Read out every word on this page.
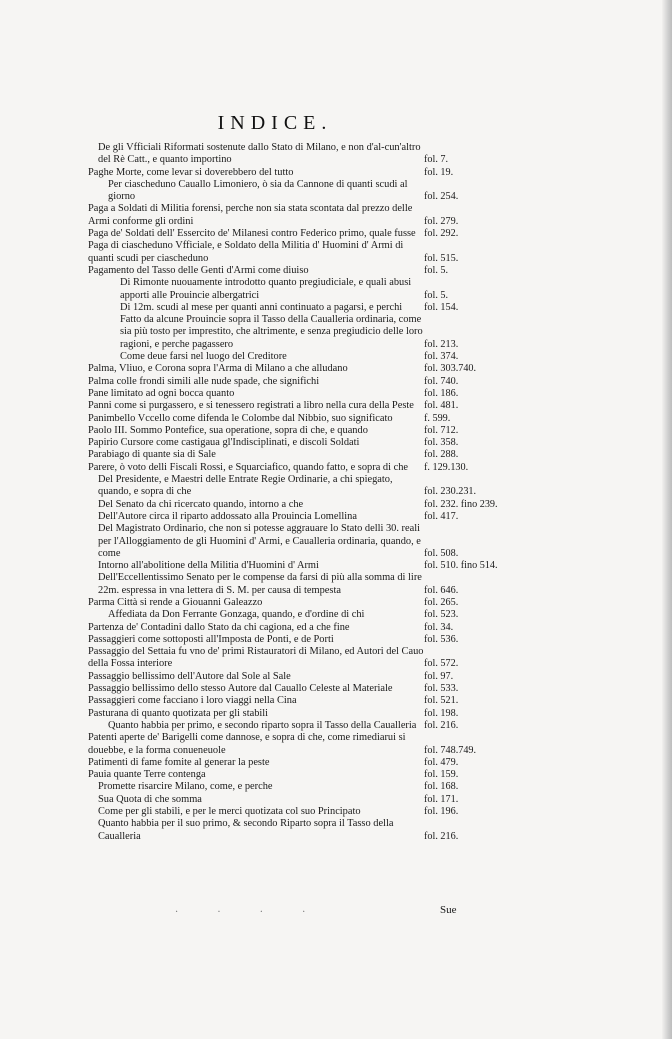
INDICE.
De gli Vfficiali Riformati sostenute dallo Stato di Milano, e non d'al-cun'altro del Rè Catt., e quanto importino	fol. 7.
Paghe Morte, come levar si doverebbero del tutto	fol. 19.
Per ciascheduno Cauallo Limoniero, ò sia da Cannone di quanti scudi al giorno	fol. 254.
Paga a Soldati di Militia forensi, perche non sia stata scontata dal prezzo delle Armi conforme gli ordini	fol. 279.
Paga de' Soldati dell' Essercito de' Milanesi contro Federico primo, quale fusse fol. 292.
Paga di ciascheduno Vfficiale, e Soldato della Militia d' Huomini d' Armi di quanti scudi per ciascheduno	fol. 515.
Pagamento del Tasso delle Genti d'Armi come diuiso	fol. 5.
Di Rimonte nuouamente introdotto quanto pregiudiciale, e quali abusi apporti alle Prouincie albergatrici	fol. 5.
Di 12m. scudi al mese per quanti anni continuato a pagarsi, e perchi	fol. 154.
Fatto da alcune Prouincie sopra il Tasso della Caualleria ordinaria, come sia più tosto per imprestito, che altrimente, e senza pregiudicio delle loro ragioni, e perche pagassero	fol. 213.
Come deue farsi nel luogo del Creditore	fol. 374.
Palma, Vliuo, e Corona sopra l'Arma di Milano a che alludano	fol. 303.740.
Palma colle frondi simili alle nude spade, che significhi	fol. 740.
Pane limitato ad ogni bocca quanto	fol. 186.
Panni come si purgassero, e si tenessero registrati a libro nella cura della Peste fol. 481.
Panimbello Vccello come difenda le Colombe dal Nibbio, suo significato	f. 599.
Paolo III. Sommo Pontefice, sua operatione, sopra di che, e quando	fol. 712.
Papirio Cursore come castigaua gl'Indisciplinati, e discoli Soldati	fol. 358.
Parabiago di quante sia di Sale	fol. 288.
Parere, ò voto delli Fiscali Rossi, e Squarciafico, quando fatto, e sopra di che	f. 129.130.
Del Presidente, e Maestri delle Entrate Regie Ordinarie, a chi spiegato, quando, e sopra di che	fol. 230.231.
Del Senato da chi ricercato quando, intorno a che	fol. 232. fino 239.
Dell'Autore circa il riparto addossato alla Prouincia Lomellina	fol. 417.
Del Magistrato Ordinario, che non si potesse aggrauare lo Stato delli 30. reali per l'Alloggiamento de gli Huomini d' Armi, e Caualleria ordinaria, quando, e come	fol. 508.
Intorno all'abolitione della Militia d'Huomini d' Armi	fol. 510. fino 514.
Dell'Eccellentissimo Senato per le compense da farsi di più alla somma di lire 22m. espressa in vna lettera di S. M. per causa di tempesta	fol. 646.
Parma Città si rende a Giouanni Galeazzo	fol. 265.
Affediata da Don Ferrante Gonzaga, quando, e d'ordine di chi	fol. 523.
Partenza de' Contadini dallo Stato da chi cagiona, ed a che fine	fol. 34.
Passaggieri come sottoposti all'Imposta de Ponti, e de Porti	fol. 536.
Passaggio del Settaia fu vno de' primi Ristauratori di Milano, ed Autori del Cauo della Fossa interiore	fol. 572.
Passaggio bellissimo dell'Autore dal Sole al Sale	fol. 97.
Passaggio bellissimo dello stesso Autore dal Cauallo Celeste al Materiale	fol. 533.
Passaggieri come facciano i loro viaggi nella Cina	fol. 521.
Pasturana di quanto quotizata per gli stabili	fol. 198.
Quanto habbia per primo, e secondo riparto sopra il Tasso della Caualleria fol. 216.
Patenti aperte de' Barigelli come dannose, e sopra di che, come rimediarui si douebbe, e la forma conueneuole	fol. 748.749.
Patimenti di fame fomite al generar la peste	fol. 479.
Pauia quante Terre contenga	fol. 159.
Promette risarcire Milano, come, e perche	fol. 168.
Sua Quota di che somma	fol. 171.
Come per gli stabili, e per le merci quotizata col suo Principato	fol. 196.
Quanto habbia per il suo primo, & secondo Riparto sopra il Tasso della Caualleria	fol. 216.
. . . .	Sue
